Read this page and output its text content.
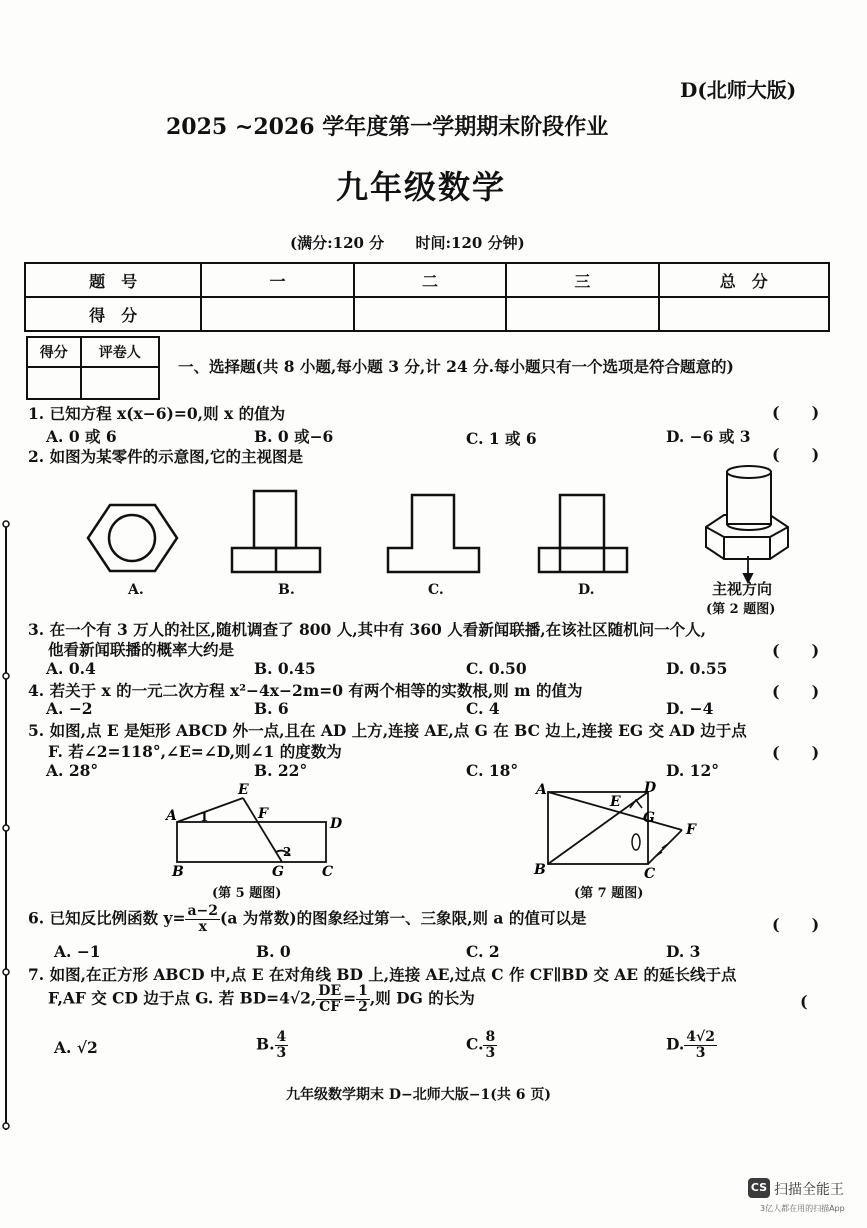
D(北师大版)
2025 ~2026 学年度第一学期期末阶段作业
九年级数学
(满分:120 分      时间:120 分钟)
题　号	一	二	三	总　分
得　分				
得分	评卷人

一、选择题(共 8 小题,每小题 3 分,计 24 分.每小题只有一个选项是符合题意的)
1. 已知方程 x(x−6)=0,则 x 的值为	(　　)
A. 0 或 6	B. 0 或−6	C. 1 或 6	D. −6 或 3
2. 如图为某零件的示意图,它的主视图是	(　　)
A.	B.	C.	D.	主视方向
(第 2 题图)
3. 在一个有 3 万人的社区,随机调查了 800 人,其中有 360 人看新闻联播,在该社区随机问一个人,
他看新闻联播的概率大约是	(　　)
A. 0.4	B. 0.45	C. 0.50	D. 0.55
4. 若关于 x 的一元二次方程 x²−4x−2m=0 有两个相等的实数根,则 m 的值为	(　　)
A. −2	B. 6	C. 4	D. −4
5. 如图,点 E 是矩形 ABCD 外一点,且在 AD 上方,连接 AE,点 G 在 BC 边上,连接 EG 交 AD 边于点
F. 若∠2=118°,∠E=∠D,则∠1 的度数为	(　　)
A. 28°	B. 22°	C. 18°	D. 12°
A
B	C
D
E
F
G
1
2
(第 5 题图)
A
B	C
D
E
F
G
(第 7 题图)
6. 已知反比例函数 $y= \frac{a-2}{x} (a$ 为常数)的图象经过第一、三象限,则 a 的值可以是	(　　)
A. −1	B. 0	C. 2	D. 3
7. 如图,在正方形 ABCD 中,点 E 在对角线 BD 上,连接 AE,过点 C 作 CF∥BD 交 AE 的延长线于点
F,AF 交 CD 边于点 G. 若 BD=4√2, $\frac{DE}{CF} = \frac{1}{2}$ ,则 DG 的长为	(
A. √2	B. $\frac{4}{3}$	C. $\frac{8}{3}$	D. $\frac{4√2}{3}$
九年级数学期末 D−北师大版−1(共 6 页)
CS 扫描全能王
3亿人都在用的扫描App
